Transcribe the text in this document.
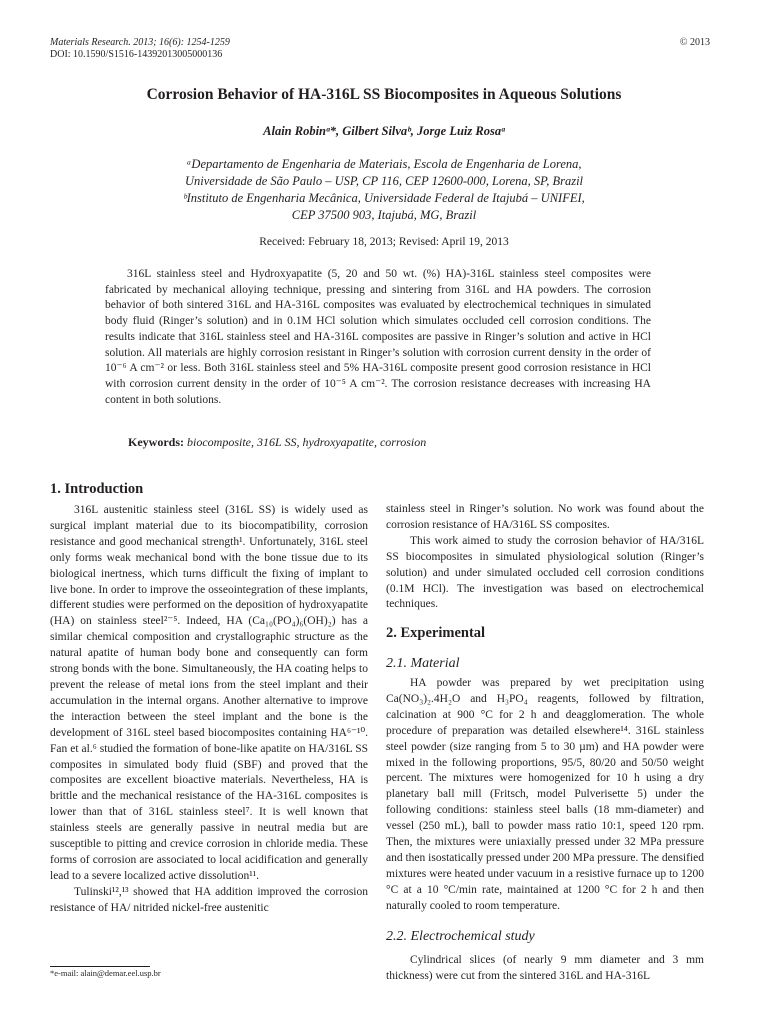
Materials Research. 2013; 16(6): 1254-1259
DOI: 10.1590/S1516-14392013005000136
© 2013
Corrosion Behavior of HA-316L SS Biocomposites in Aqueous Solutions
Alain Robinᵃ*, Gilbert Silvaᵇ, Jorge Luiz Rosaᵃ

ᵃDepartamento de Engenharia de Materiais, Escola de Engenharia de Lorena,

Universidade de São Paulo – USP, CP 116, CEP 12600-000, Lorena, SP, Brazil

ᵇInstituto de Engenharia Mecânica, Universidade Federal de Itajubá – UNIFEI,

CEP 37500 903, Itajubá, MG, Brazil

Received: February 18, 2013; Revised: April 19, 2013

316L stainless steel and Hydroxyapatite (5, 20 and 50 wt. (%) HA)-316L stainless steel composites were fabricated by mechanical alloying technique, pressing and sintering from 316L and HA powders. The corrosion behavior of both sintered 316L and HA-316L composites was evaluated by electrochemical techniques in simulated body fluid (Ringer’s solution) and in 0.1M HCl solution which simulates occluded cell corrosion conditions. The results indicate that 316L stainless steel and HA-316L composites are passive in Ringer’s solution and active in HCl solution. All materials are highly corrosion resistant in Ringer’s solution with corrosion current density in the order of 10⁻⁶ A cm⁻² or less. Both 316L stainless steel and 5% HA-316L composite present good corrosion resistance in HCl with corrosion current density in the order of 10⁻⁵ A cm⁻². The corrosion resistance decreases with increasing HA content in both solutions.

Keywords: biocomposite, 316L SS, hydroxyapatite, corrosion
1. Introduction

316L austenitic stainless steel (316L SS) is widely used as surgical implant material due to its biocompatibility, corrosion resistance and good mechanical strength¹. Unfortunately, 316L steel only forms weak mechanical bond with the bone tissue due to its biological inertness, which turns difficult the fixing of implant to live bone. In order to improve the osseointegration of these implants, different studies were performed on the deposition of hydroxyapatite (HA) on stainless steel²⁻⁵. Indeed, HA (Ca₁₀(PO₄)₆(OH)₂) has a similar chemical composition and crystallographic structure as the natural apatite of human body bone and consequently can form strong bonds with the bone. Simultaneously, the HA coating helps to prevent the release of metal ions from the steel implant and their accumulation in the internal organs. Another alternative to improve the interaction between the steel implant and the bone is the development of 316L steel based biocomposites containing HA⁶⁻¹⁰. Fan et al.⁶ studied the formation of bone-like apatite on HA/316L SS composites in simulated body fluid (SBF) and proved that the composites are excellent bioactive materials. Nevertheless, HA is brittle and the mechanical resistance of the HA-316L composites is lower than that of 316L stainless steel⁷. It is well known that stainless steels are generally passive in neutral media but are susceptible to pitting and crevice corrosion in chloride media. These forms of corrosion are associated to local acidification and generally lead to a severe localized active dissolution¹¹.

Tulinski¹²,¹³ showed that HA addition improved the corrosion resistance of HA/ nitrided nickel-free austenitic

stainless steel in Ringer’s solution. No work was found about the corrosion resistance of HA/316L SS composites.

This work aimed to study the corrosion behavior of HA/316L SS biocomposites in simulated physiological solution (Ringer’s solution) and under simulated occluded cell corrosion conditions (0.1M HCl). The investigation was based on electrochemical techniques.

2. Experimental
2.1. Material

HA powder was prepared by wet precipitation using Ca(NO₃)₂.4H₂O and H₃PO₄ reagents, followed by filtration, calcination at 900 °C for 2 h and deagglomeration. The whole procedure of preparation was detailed elsewhere¹⁴. 316L stainless steel powder (size ranging from 5 to 30 µm) and HA powder were mixed in the following proportions, 95/5, 80/20 and 50/50 weight percent. The mixtures were homogenized for 10 h using a dry planetary ball mill (Fritsch, model Pulverisette 5) under the following conditions: stainless steel balls (18 mm-diameter) and vessel (250 mL), ball to powder mass ratio 10:1, speed 120 rpm. Then, the mixtures were uniaxially pressed under 32 MPa pressure and then isostatically pressed under 200 MPa pressure. The densified mixtures were heated under vacuum in a resistive furnace up to 1200 °C at a 10 °C/min rate, maintained at 1200 °C for 2 h and then naturally cooled to room temperature.

2.2. Electrochemical study

Cylindrical slices (of nearly 9 mm diameter and 3 mm thickness) were cut from the sintered 316L and HA-316L

*e-mail: alain@demar.eel.usp.br
